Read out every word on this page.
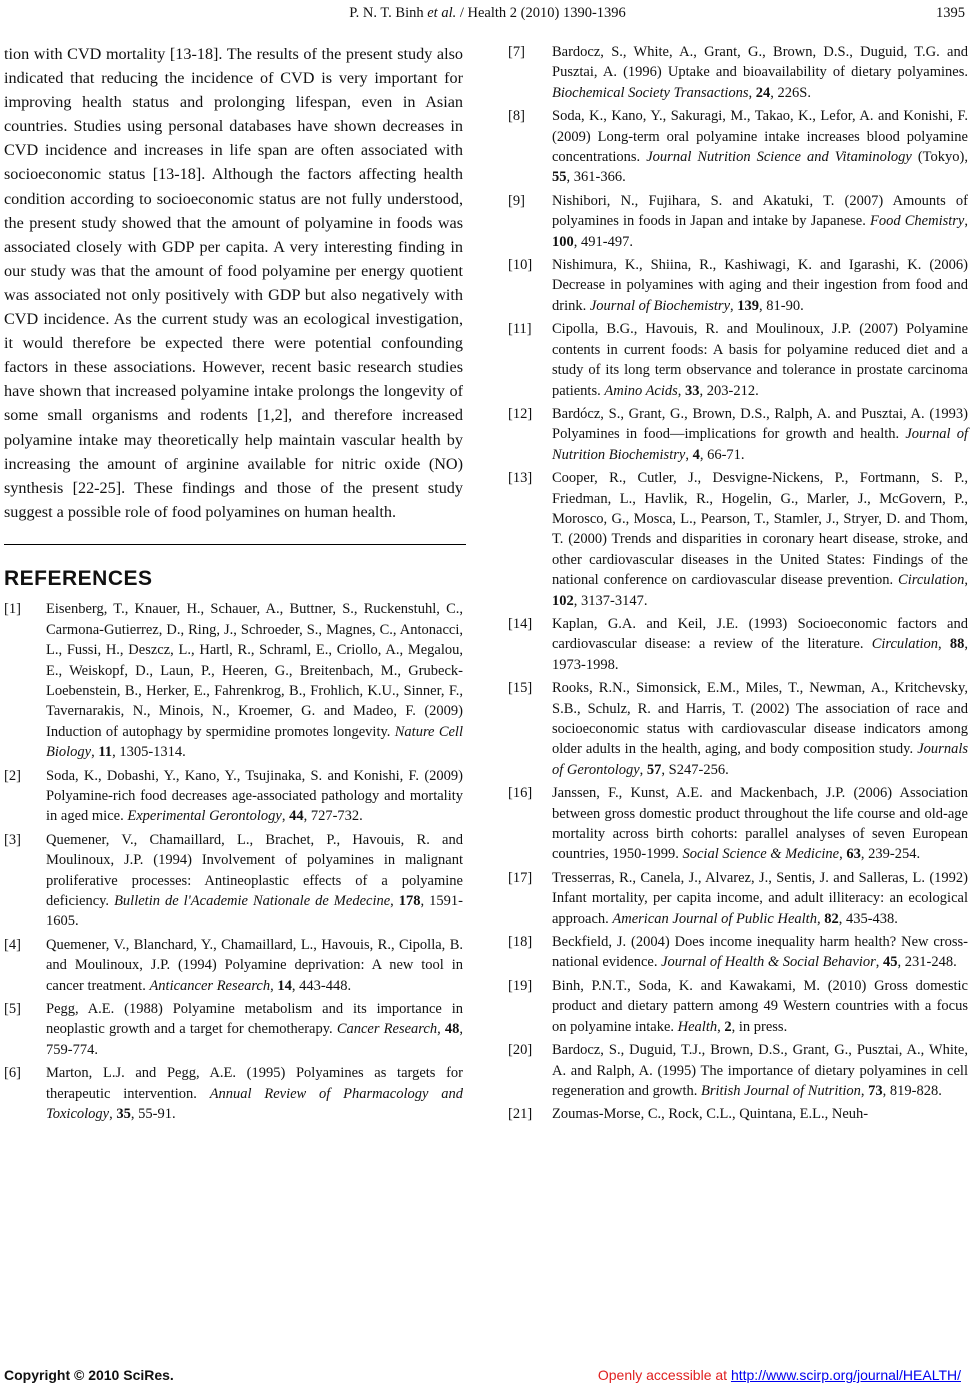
P. N. T. Binh et al. / Health 2 (2010) 1390-1396	1395

tion with CVD mortality [13-18]. The results of the present study also indicated that reducing the incidence of CVD is very important for improving health status and prolonging lifespan, even in Asian countries. Studies using personal databases have shown decreases in CVD incidence and increases in life span are often associated with socioeconomic status [13-18]. Although the factors affecting health condition according to socioeconomic status are not fully understood, the present study showed that the amount of polyamine in foods was associated closely with GDP per capita. A very interesting finding in our study was that the amount of food polyamine per energy quotient was associated not only positively with GDP but also negatively with CVD incidence. As the current study was an ecological investigation, it would therefore be expected there were potential confounding factors in these associations. However, recent basic research studies have shown that increased polyamine intake prolongs the longevity of some small organisms and rodents [1,2], and therefore increased polyamine intake may theoretically help maintain vascular health by increasing the amount of arginine available for nitric oxide (NO) synthesis [22-25]. These findings and those of the present study suggest a possible role of food polyamines on human health.

REFERENCES
[1] Eisenberg, T., Knauer, H., Schauer, A., Buttner, S., Ruckenstuhl, C., Carmona-Gutierrez, D., Ring, J., Schroeder, S., Magnes, C., Antonacci, L., Fussi, H., Deszcz, L., Hartl, R., Schraml, E., Criollo, A., Megalou, E., Weiskopf, D., Laun, P., Heeren, G., Breitenbach, M., Grubeck-Loebenstein, B., Herker, E., Fahrenkrog, B., Frohlich, K.U., Sinner, F., Tavernarakis, N., Minois, N., Kroemer, G. and Madeo, F. (2009) Induction of autophagy by spermidine promotes longevity. Nature Cell Biology, 11, 1305-1314.
[2] Soda, K., Dobashi, Y., Kano, Y., Tsujinaka, S. and Konishi, F. (2009) Polyamine-rich food decreases age-associated pathology and mortality in aged mice. Experimental Gerontology, 44, 727-732.
[3] Quemener, V., Chamaillard, L., Brachet, P., Havouis, R. and Moulinoux, J.P. (1994) Involvement of polyamines in malignant proliferative processes: Antineoplastic effects of a polyamine deficiency. Bulletin de l'Academie Nationale de Medecine, 178, 1591-1605.
[4] Quemener, V., Blanchard, Y., Chamaillard, L., Havouis, R., Cipolla, B. and Moulinoux, J.P. (1994) Polyamine deprivation: A new tool in cancer treatment. Anticancer Research, 14, 443-448.
[5] Pegg, A.E. (1988) Polyamine metabolism and its importance in neoplastic growth and a target for chemotherapy. Cancer Research, 48, 759-774.
[6] Marton, L.J. and Pegg, A.E. (1995) Polyamines as targets for therapeutic intervention. Annual Review of Pharmacology and Toxicology, 35, 55-91.
[7] Bardocz, S., White, A., Grant, G., Brown, D.S., Duguid, T.G. and Pusztai, A. (1996) Uptake and bioavailability of dietary polyamines. Biochemical Society Transactions, 24, 226S.
[8] Soda, K., Kano, Y., Sakuragi, M., Takao, K., Lefor, A. and Konishi, F. (2009) Long-term oral polyamine intake increases blood polyamine concentrations. Journal Nutrition Science and Vitaminology (Tokyo), 55, 361-366.
[9] Nishibori, N., Fujihara, S. and Akatuki, T. (2007) Amounts of polyamines in foods in Japan and intake by Japanese. Food Chemistry, 100, 491-497.
[10] Nishimura, K., Shiina, R., Kashiwagi, K. and Igarashi, K. (2006) Decrease in polyamines with aging and their ingestion from food and drink. Journal of Biochemistry, 139, 81-90.
[11] Cipolla, B.G., Havouis, R. and Moulinoux, J.P. (2007) Polyamine contents in current foods: A basis for polyamine reduced diet and a study of its long term observance and tolerance in prostate carcinoma patients. Amino Acids, 33, 203-212.
[12] Bardócz, S., Grant, G., Brown, D.S., Ralph, A. and Pusztai, A. (1993) Polyamines in food—implications for growth and health. Journal of Nutrition Biochemistry, 4, 66-71.
[13] Cooper, R., Cutler, J., Desvigne-Nickens, P., Fortmann, S. P., Friedman, L., Havlik, R., Hogelin, G., Marler, J., McGovern, P., Morosco, G., Mosca, L., Pearson, T., Stamler, J., Stryer, D. and Thom, T. (2000) Trends and disparities in coronary heart disease, stroke, and other cardiovascular diseases in the United States: Findings of the national conference on cardiovascular disease prevention. Circulation, 102, 3137-3147.
[14] Kaplan, G.A. and Keil, J.E. (1993) Socioeconomic factors and cardiovascular disease: a review of the literature. Circulation, 88, 1973-1998.
[15] Rooks, R.N., Simonsick, E.M., Miles, T., Newman, A., Kritchevsky, S.B., Schulz, R. and Harris, T. (2002) The association of race and socioeconomic status with cardiovascular disease indicators among older adults in the health, aging, and body composition study. Journals of Gerontology, 57, S247-256.
[16] Janssen, F., Kunst, A.E. and Mackenbach, J.P. (2006) Association between gross domestic product throughout the life course and old-age mortality across birth cohorts: parallel analyses of seven European countries, 1950-1999. Social Science & Medicine, 63, 239-254.
[17] Tresserras, R., Canela, J., Alvarez, J., Sentis, J. and Salleras, L. (1992) Infant mortality, per capita income, and adult illiteracy: an ecological approach. American Journal of Public Health, 82, 435-438.
[18] Beckfield, J. (2004) Does income inequality harm health? New cross-national evidence. Journal of Health & Social Behavior, 45, 231-248.
[19] Binh, P.N.T., Soda, K. and Kawakami, M. (2010) Gross domestic product and dietary pattern among 49 Western countries with a focus on polyamine intake. Health, 2, in press.
[20] Bardocz, S., Duguid, T.J., Brown, D.S., Grant, G., Pusztai, A., White, A. and Ralph, A. (1995) The importance of dietary polyamines in cell regeneration and growth. British Journal of Nutrition, 73, 819-828.
[21] Zoumas-Morse, C., Rock, C.L., Quintana, E.L., Neuh-
Copyright © 2010 SciRes.	Openly accessible at http://www.scirp.org/journal/HEALTH/
